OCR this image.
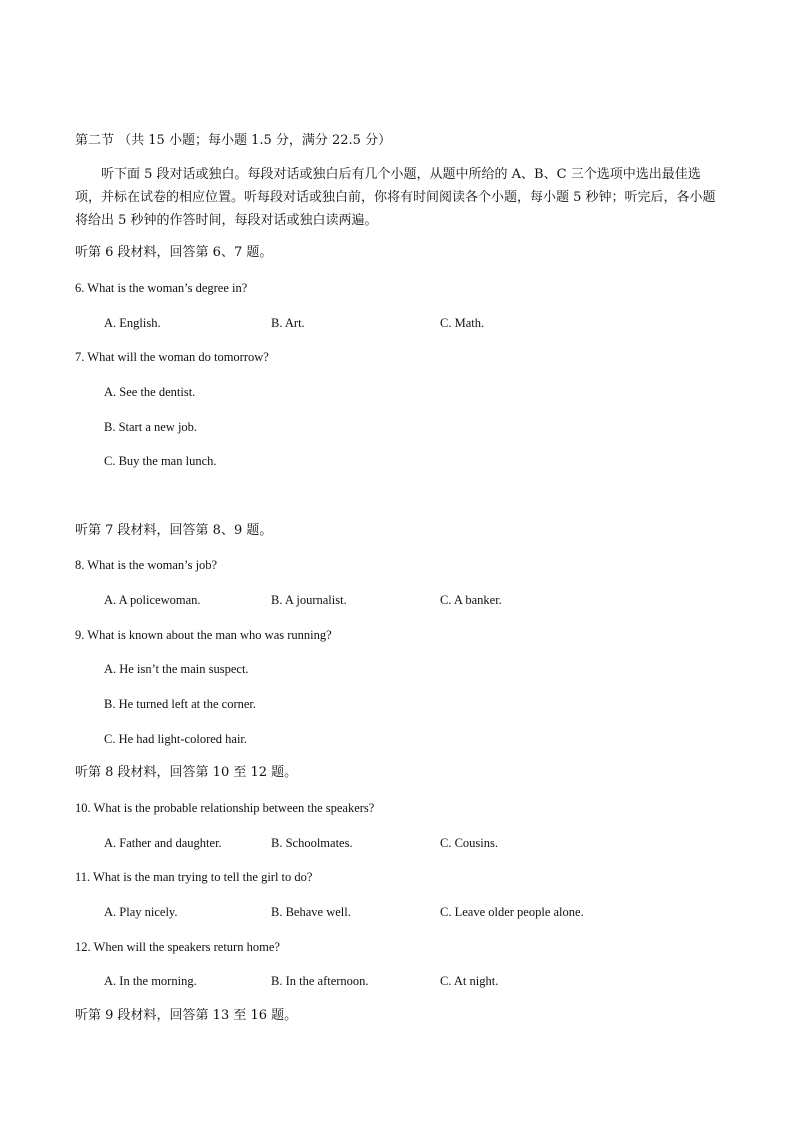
第二节 （共 15 小题；每小题 1.5 分，满分 22.5 分）
听下面 5 段对话或独白。每段对话或独白后有几个小题，从题中所给的 A、B、C 三个选项中选出最佳选项，并标在试卷的相应位置。听每段对话或独白前，你将有时间阅读各个小题，每小题 5 秒钟；听完后，各小题将给出 5 秒钟的作答时间，每段对话或独白读两遍。
听第 6 段材料，回答第 6、7 题。
6. What is the woman’s degree in?
A. English.	B. Art.	C. Math.
7. What will the woman do tomorrow?
A. See the dentist.
B. Start a new job.
C. Buy the man lunch.
听第 7 段材料，回答第 8、9 题。
8. What is the woman’s job?
A. A policewoman.	B. A journalist.	C. A banker.
9. What is known about the man who was running?
A. He isn’t the main suspect.
B. He turned left at the corner.
C. He had light-colored hair.
听第 8 段材料，回答第 10 至 12 题。
10. What is the probable relationship between the speakers?
A. Father and daughter.	B. Schoolmates.	C. Cousins.
11. What is the man trying to tell the girl to do?
A. Play nicely.	B. Behave well.	C. Leave older people alone.
12. When will the speakers return home?
A. In the morning.	B. In the afternoon.	C. At night.
听第 9 段材料，回答第 13 至 16 题。
